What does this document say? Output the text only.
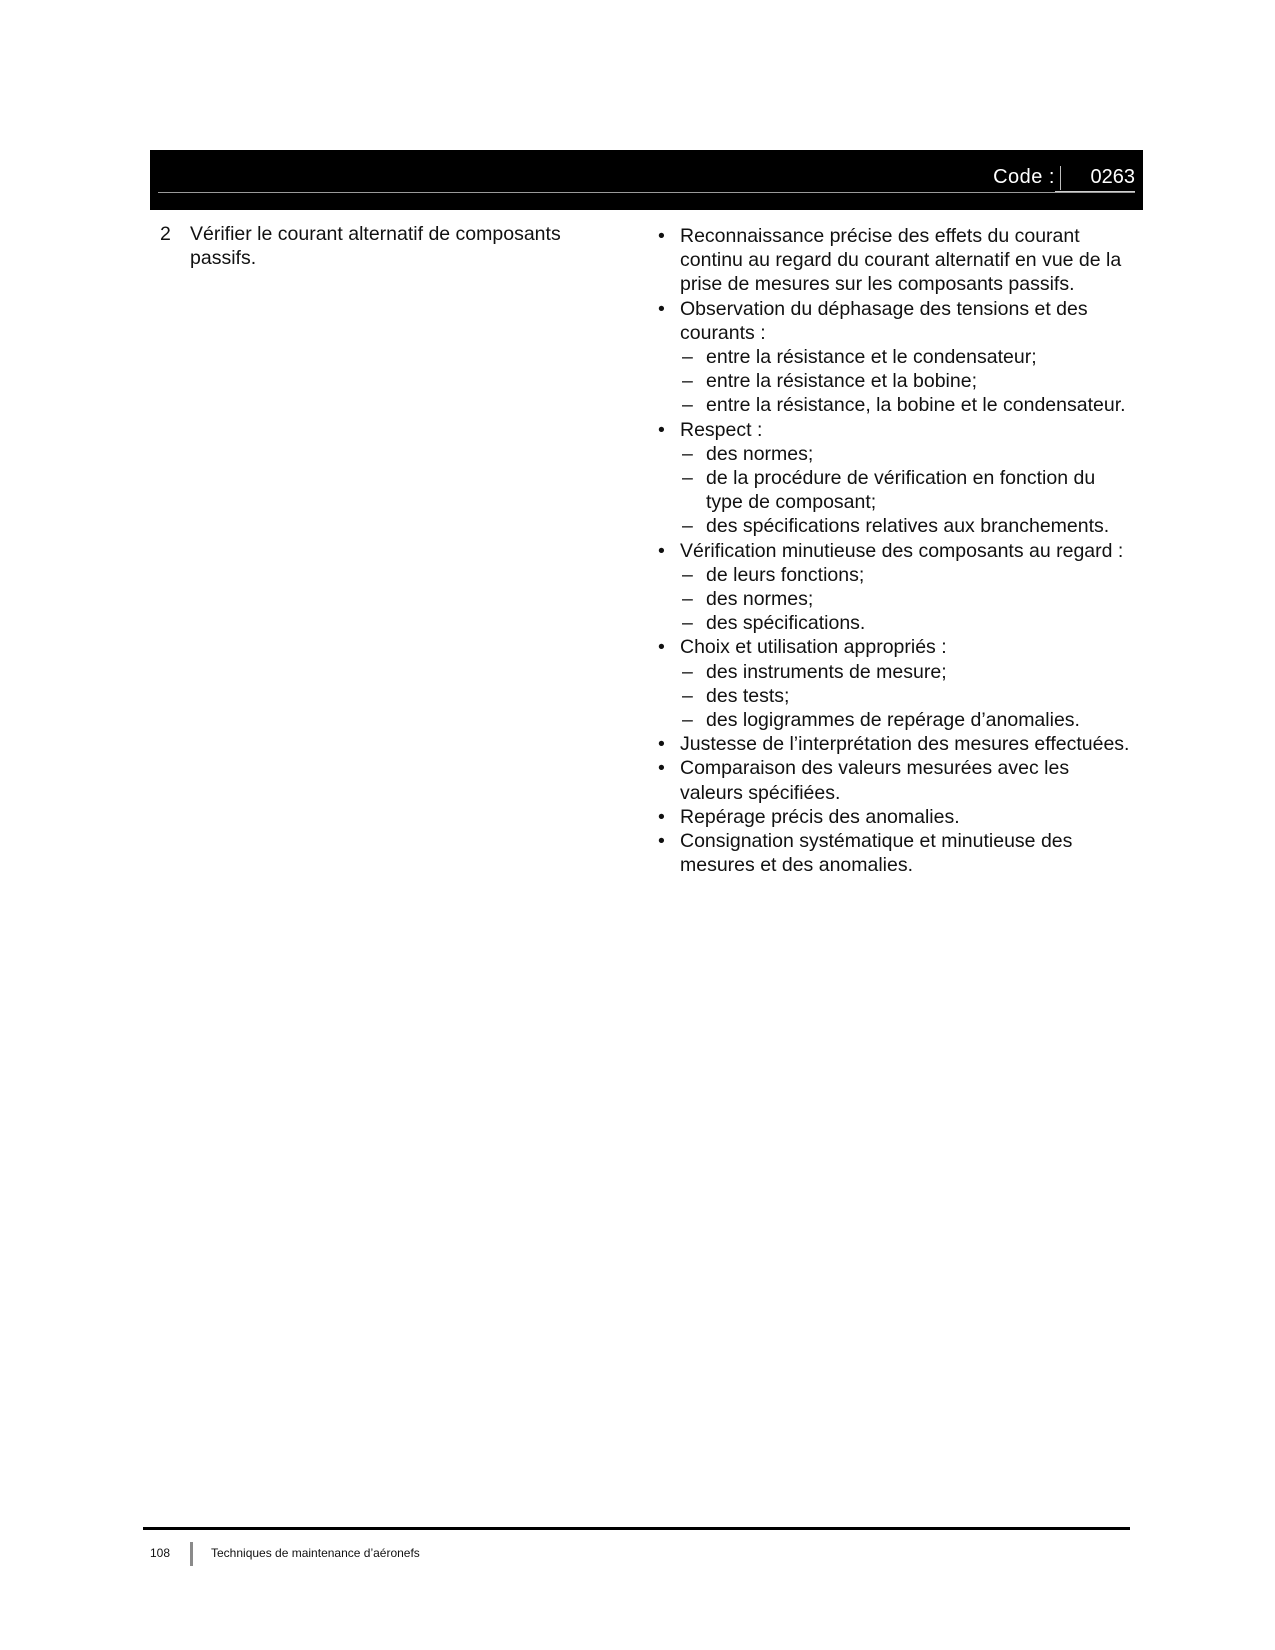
Code :	0263
2 Vérifier le courant alternatif de composants passifs.
• Reconnaissance précise des effets du courant continu au regard du courant alternatif en vue de la prise de mesures sur les composants passifs.
• Observation du déphasage des tensions et des courants :
– entre la résistance et le condensateur;
– entre la résistance et la bobine;
– entre la résistance, la bobine et le condensateur.
• Respect :
– des normes;
– de la procédure de vérification en fonction du type de composant;
– des spécifications relatives aux branchements.
• Vérification minutieuse des composants au regard :
– de leurs fonctions;
– des normes;
– des spécifications.
• Choix et utilisation appropriés :
– des instruments de mesure;
– des tests;
– des logigrammes de repérage d’anomalies.
• Justesse de l’interprétation des mesures effectuées.
• Comparaison des valeurs mesurées avec les valeurs spécifiées.
• Repérage précis des anomalies.
• Consignation systématique et minutieuse des mesures et des anomalies.
108	Techniques de maintenance d’aéronefs
